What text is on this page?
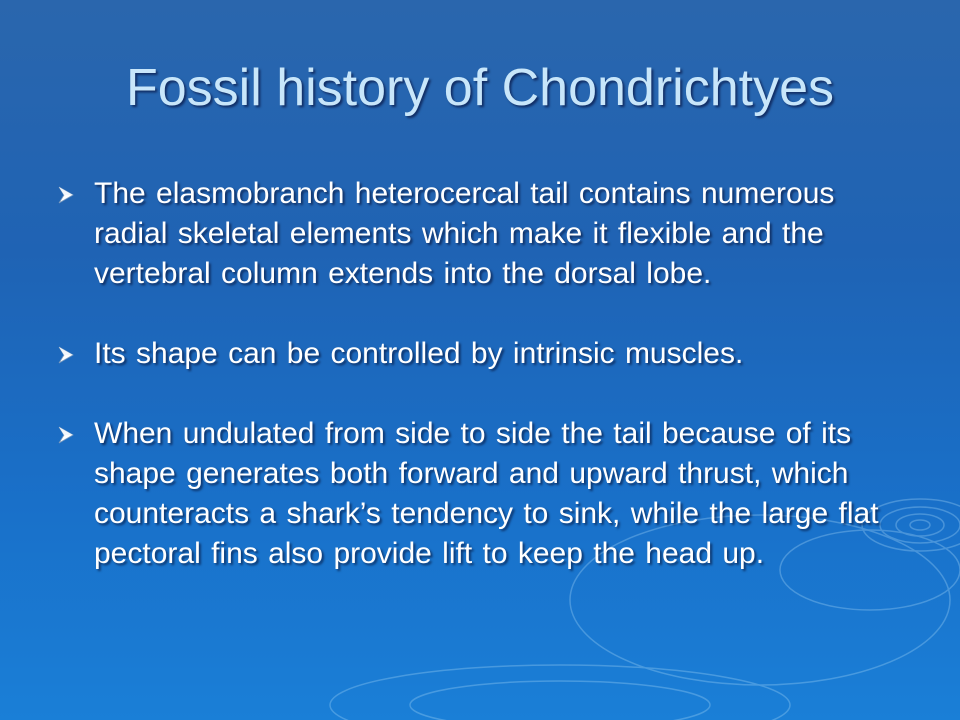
Fossil history of Chondrichtyes
The elasmobranch heterocercal tail contains numerous radial skeletal elements which make it flexible and the vertebral column extends into the dorsal lobe.
Its shape can be controlled by intrinsic muscles.
When undulated from side to side the tail because of its shape generates both forward and upward thrust, which counteracts a shark’s tendency to sink, while the large flat pectoral fins also provide lift to keep the head up.
